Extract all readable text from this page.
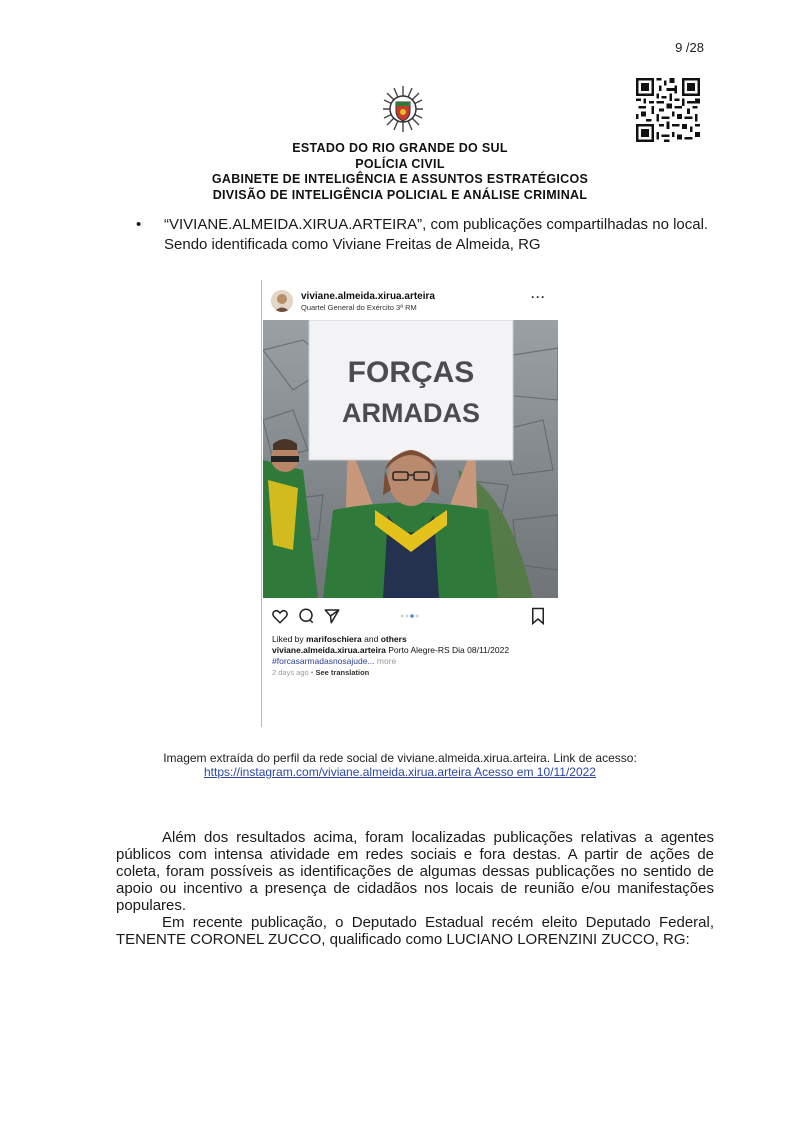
9 /28
ESTADO DO RIO GRANDE DO SUL
POLÍCIA CIVIL
GABINETE DE INTELIGÊNCIA E ASSUNTOS ESTRATÉGICOS
DIVISÃO DE INTELIGÊNCIA POLICIAL E ANÁLISE CRIMINAL
• “VIVIANE.ALMEIDA.XIRUA.ARTEIRA”, com publicações compartilhadas no local. Sendo identificada como Viviane Freitas de Almeida, RG
viviane.almeida.xirua.arteira
Quartel General do Exército 3ª RM
···
FORÇAS
ARMADAS
Liked by marifoschiera and others
viviane.almeida.xirua.arteira Porto Alegre-RS Dia 08/11/2022
#forcasarmadasnosajude... more
2 days ago • See translation
Imagem extraída do perfil da rede social de viviane.almeida.xirua.arteira. Link de acesso:
https://instagram.com/viviane.almeida.xirua.arteira Acesso em 10/11/2022

Além dos resultados acima, foram localizadas publicações relativas a agentes públicos com intensa atividade em redes sociais e fora destas. A partir de ações de coleta, foram possíveis as identificações de algumas dessas publicações no sentido de apoio ou incentivo a presença de cidadãos nos locais de reunião e/ou manifestações populares.

Em recente publicação, o Deputado Estadual recém eleito Deputado Federal, TENENTE CORONEL ZUCCO, qualificado como LUCIANO LORENZINI ZUCCO, RG:
